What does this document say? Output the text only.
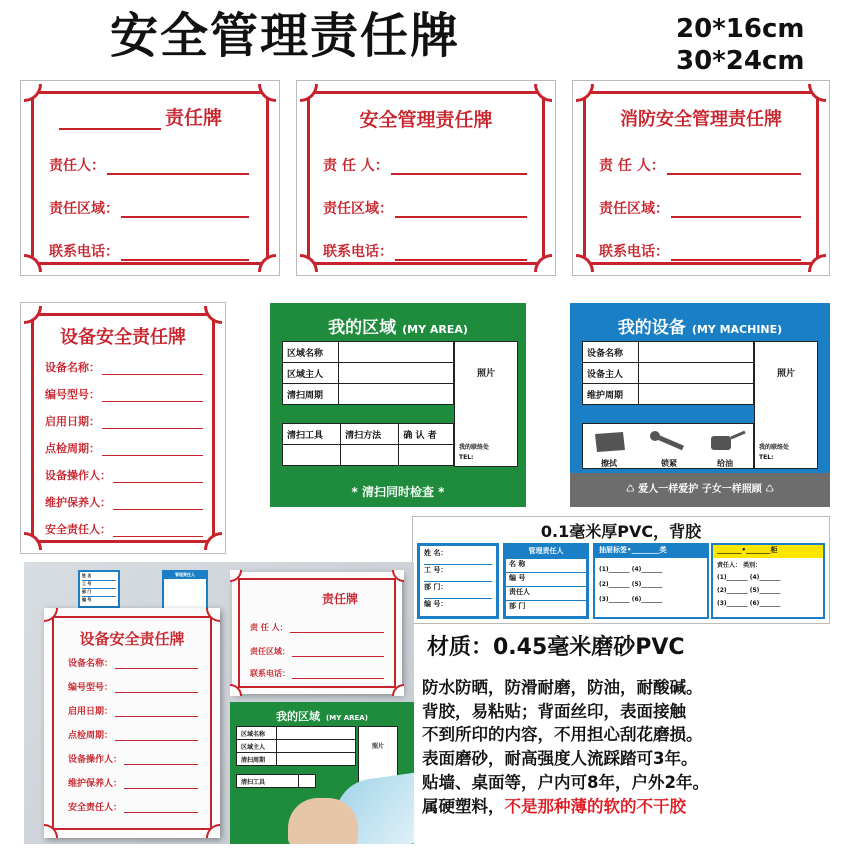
安全管理责任牌	20*16cm
30*24cm
责任牌
责任人：
责任区域：
联系电话：
安全管理责任牌
责 任 人：
责任区域：
联系电话：
消防安全管理责任牌
责 任 人：
责任区域：
联系电话：
设备安全责任牌
设备名称：
编号型号：
启用日期：
点检周期：
设备操作人：
维护保养人：
安全责任人：
我的区域 (MY AREA)
区域名称	
区域主人	
清扫周期	
清扫工具	清扫方法	确 认 者

照片
我的联络处
TEL:
* 清扫同时检查 *
我的设备 (MY MACHINE)
设备名称	
设备主人	
维护周期	
擦拭	锁紧	给油
照片
我的联络处
TEL:
♺ 爱人一样爱护 子女一样照顾 ♺
0.1毫米厚PVC，背胶
姓 名：
工 号：
部 门：
编 号：
管理责任人
名 称
编 号
责任人
部 门
抽屉标签•________类
(1)_______ (4)_______
(2)_______ (5)_______
(3)_______ (6)_______
_______•_______柜
责任人： 类别：
(1)_______ (4)_______
(2)_______ (5)_______
(3)_______ (6)_______
姓 名
工 号
部 门
编 号
管理责任人
设备安全责任牌
设备名称：
编号型号：
启用日期：
点检周期：
设备操作人：
维护保养人：
安全责任人：
责任牌
责 任 人：
责任区域：
联系电话：
我的区域 (MY AREA)
区域名称	
区域主人	
清扫周期	
照片
清扫工具	
材质：0.45毫米磨砂PVC
防水防晒，防滑耐磨，防油，耐酸碱。
背胶，易粘贴；背面丝印，表面接触
不到所印的内容，不用担心刮花磨损。
表面磨砂，耐高强度人流踩踏可3年。
贴墙、桌面等，户内可8年，户外2年。
属硬塑料，不是那种薄的软的不干胶
